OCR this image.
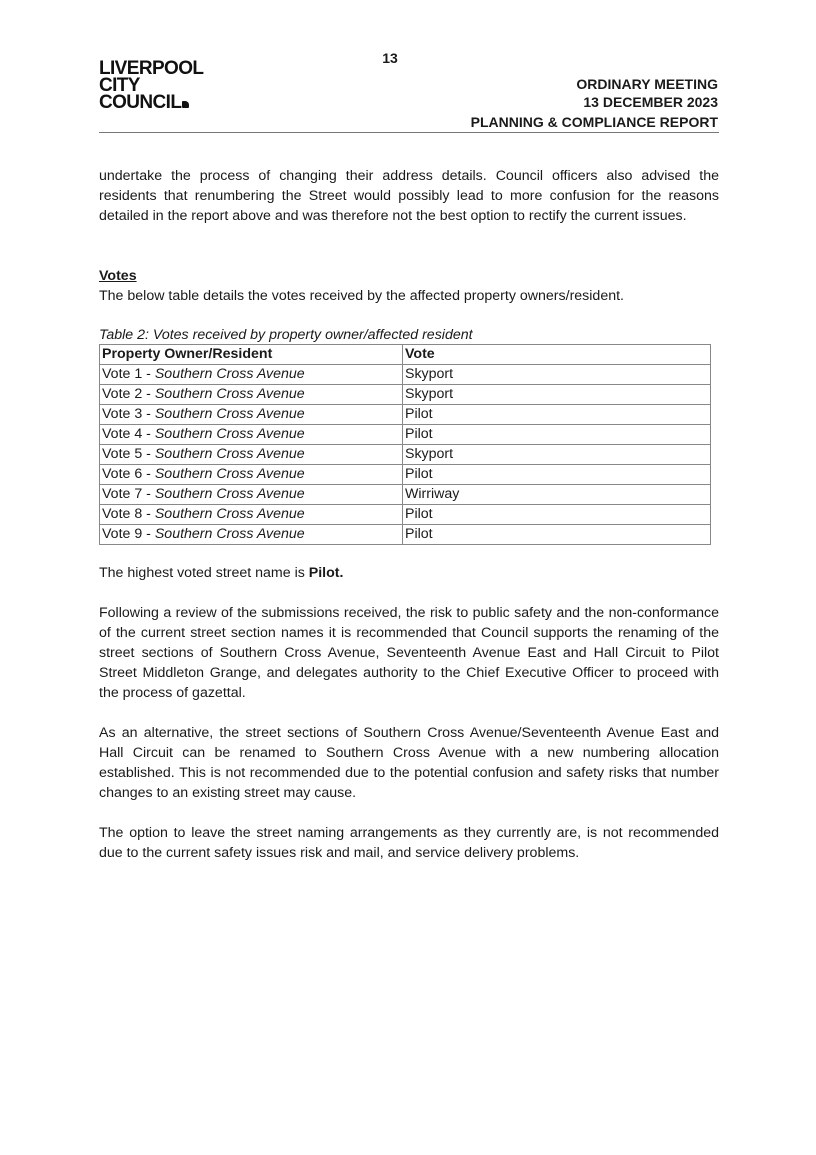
13
LIVERPOOL
CITY
COUNCIL
ORDINARY MEETING
13 DECEMBER 2023
PLANNING & COMPLIANCE REPORT

undertake the process of changing their address details. Council officers also advised the residents that renumbering the Street would possibly lead to more confusion for the reasons detailed in the report above and was therefore not the best option to rectify the current issues.

Votes

The below table details the votes received by the affected property owners/resident.

Table 2: Votes received by property owner/affected resident

Property Owner/Resident	Vote
Vote 1 - Southern Cross Avenue	Skyport
Vote 2 - Southern Cross Avenue	Skyport
Vote 3 - Southern Cross Avenue	Pilot
Vote 4 - Southern Cross Avenue	Pilot
Vote 5 - Southern Cross Avenue	Skyport
Vote 6 - Southern Cross Avenue	Pilot
Vote 7 - Southern Cross Avenue	Wirriway
Vote 8 - Southern Cross Avenue	Pilot
Vote 9 - Southern Cross Avenue	Pilot

The highest voted street name is Pilot.

Following a review of the submissions received, the risk to public safety and the non-conformance of the current street section names it is recommended that Council supports the renaming of the street sections of Southern Cross Avenue, Seventeenth Avenue East and Hall Circuit to Pilot Street Middleton Grange, and delegates authority to the Chief Executive Officer to proceed with the process of gazettal.

As an alternative, the street sections of Southern Cross Avenue/Seventeenth Avenue East and Hall Circuit can be renamed to Southern Cross Avenue with a new numbering allocation established. This is not recommended due to the potential confusion and safety risks that number changes to an existing street may cause.

The option to leave the street naming arrangements as they currently are, is not recommended due to the current safety issues risk and mail, and service delivery problems.
